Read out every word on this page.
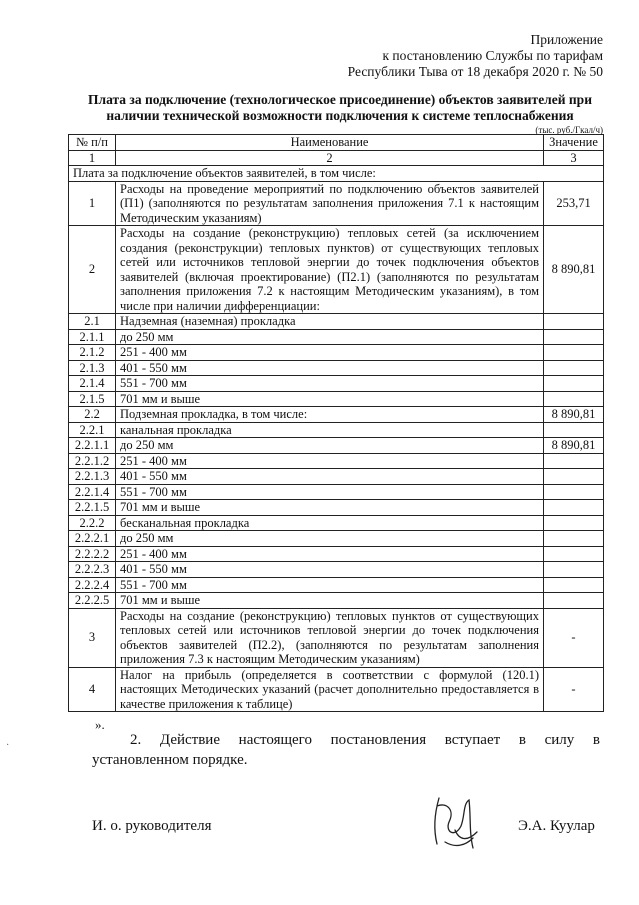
Приложение
к постановлению Службы по тарифам
Республики Тыва от 18 декабря 2020 г. № 50
Плата за подключение (технологическое присоединение) объектов заявителей при
наличии технической возможности подключения к системе теплоснабжения
(тыс. руб./Гкал/ч)
№ п/п	Наименование	Значение
1	2	3
Плата за подключение объектов заявителей, в том числе:		
1	Расходы на проведение мероприятий по подключению объектов заявителей (П1) (заполняются по результатам заполнения приложения 7.1 к настоящим Методическим указаниям)	253,71
2	Расходы на создание (реконструкцию) тепловых сетей (за исключением создания (реконструкции) тепловых пунктов) от существующих тепловых сетей или источников тепловой энергии до точек подключения объектов заявителей (включая проектирование) (П2.1) (заполняются по результатам заполнения приложения 7.2 к настоящим Методическим указаниям), в том числе при наличии дифференциации:	8 890,81
2.1	Надземная (наземная) прокладка	
2.1.1	до 250 мм	
2.1.2	251 - 400 мм	
2.1.3	401 - 550 мм	
2.1.4	551 - 700 мм	
2.1.5	701 мм и выше	
2.2	Подземная прокладка, в том числе:	8 890,81
2.2.1	канальная прокладка	
2.2.1.1	до 250 мм	8 890,81
2.2.1.2	251 - 400 мм	
2.2.1.3	401 - 550 мм	
2.2.1.4	551 - 700 мм	
2.2.1.5	701 мм и выше	
2.2.2	бесканальная прокладка	
2.2.2.1	до 250 мм	
2.2.2.2	251 - 400 мм	
2.2.2.3	401 - 550 мм	
2.2.2.4	551 - 700 мм	
2.2.2.5	701 мм и выше	
3	Расходы на создание (реконструкцию) тепловых пунктов от существующих тепловых сетей или источников тепловой энергии до точек подключения объектов заявителей (П2.2), (заполняются по результатам заполнения приложения 7.3 к настоящим Методическим указаниям)	-
4	Налог на прибыль (определяется в соответствии с формулой (120.1) настоящих Методических указаний (расчет дополнительно предоставляется в качестве приложения к таблице)	-
».
2. Действие настоящего постановления вступает в силу в
установленном порядке.
И. о. руководителя	Э.А. Куулар
·
